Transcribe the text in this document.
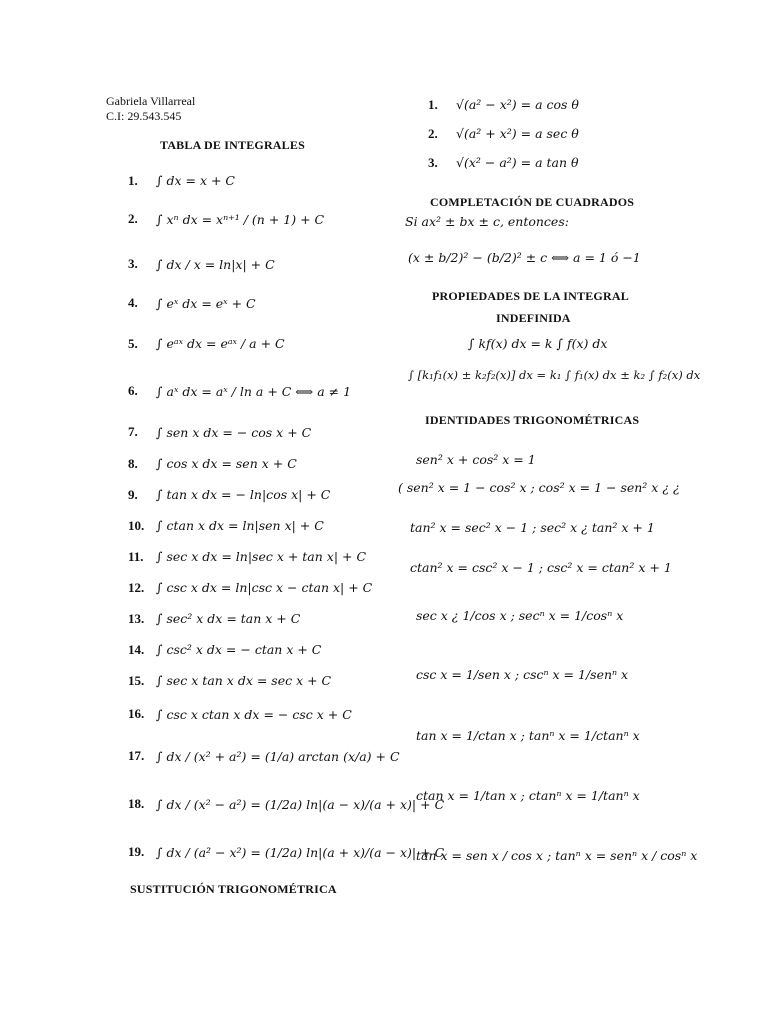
Gabriela Villarreal
C.I: 29.543.545
TABLA DE INTEGRALES
1.	∫ dx = x + C
2.	∫ xⁿ dx = xⁿ⁺¹ / (n + 1) + C
3.	∫ dx / x = ln|x| + C
4.	∫ eˣ dx = eˣ + C
5.	∫ eᵃˣ dx = eᵃˣ / a + C
6.	∫ aˣ dx = aˣ / ln a + C ⟺ a ≠ 1
7.	∫ sen x dx = − cos x + C
8.	∫ cos x dx = sen x + C
9.	∫ tan x dx = − ln|cos x| + C
10. ∫ ctan x dx = ln|sen x| + C
11. ∫ sec x dx = ln|sec x + tan x| + C
12. ∫ csc x dx = ln|csc x − ctan x| + C
13. ∫ sec² x dx = tan x + C
14. ∫ csc² x dx = − ctan x + C
15. ∫ sec x tan x dx = sec x + C
16. ∫ csc x ctan x dx = − csc x + C
17. ∫ dx / (x² + a²) = (1/a) arctan (x/a) + C
18. ∫ dx / (x² − a²) = (1/2a) ln|(a − x)/(a + x)| + C
19. ∫ dx / (a² − x²) = (1/2a) ln|(a + x)/(a − x)| + C
SUSTITUCIÓN TRIGONOMÉTRICA
1.	√(a² − x²) = a cos θ
2.	√(a² + x²) = a sec θ
3.	√(x² − a²) = a tan θ
COMPLETACIÓN DE CUADRADOS
Si ax² ± bx ± c, entonces:
(x ± b/2)² − (b/2)² ± c ⟺ a = 1 ó −1
PROPIEDADES DE LA INTEGRAL
INDEFINIDA
∫ kf(x) dx = k ∫ f(x) dx
∫ [k₁f₁(x) ± k₂f₂(x)] dx = k₁ ∫ f₁(x) dx ± k₂ ∫ f₂(x) dx
IDENTIDADES TRIGONOMÉTRICAS
sen² x + cos² x = 1
( sen² x = 1 − cos² x ; cos² x = 1 − sen² x ¿ ¿
tan² x = sec² x − 1 ; sec² x ¿ tan² x + 1
ctan² x = csc² x − 1 ; csc² x = ctan² x + 1
sec x ¿ 1/cos x ; secⁿ x = 1/cosⁿ x
csc x = 1/sen x ; cscⁿ x = 1/senⁿ x
tan x = 1/ctan x ; tanⁿ x = 1/ctanⁿ x
ctan x = 1/tan x ; ctanⁿ x = 1/tanⁿ x
tan x = sen x / cos x ; tanⁿ x = senⁿ x / cosⁿ x
